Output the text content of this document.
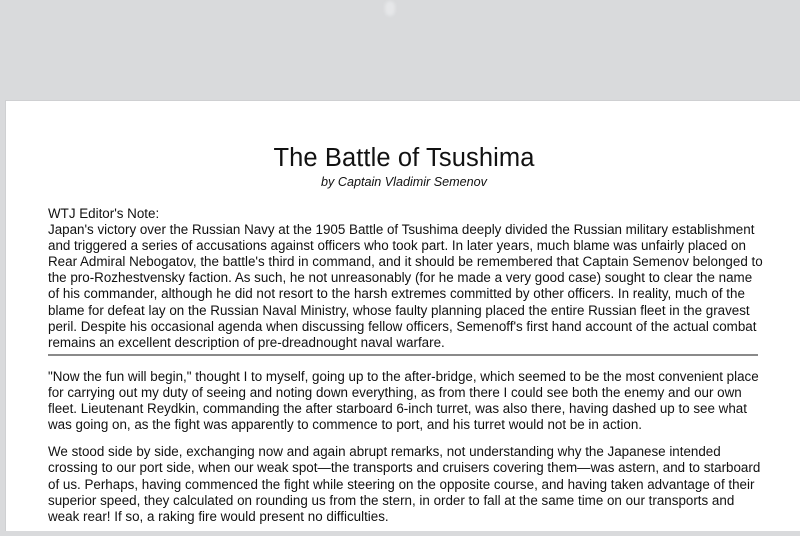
The Battle of Tsushima
by Captain Vladimir Semenov

WTJ Editor's Note:

Japan's victory over the Russian Navy at the 1905 Battle of Tsushima deeply divided the Russian military establishment and triggered a series of accusations against officers who took part. In later years, much blame was unfairly placed on Rear Admiral Nebogatov, the battle's third in command, and it should be remembered that Captain Semenov belonged to the pro-Rozhestvensky faction. As such, he not unreasonably (for he made a very good case) sought to clear the name of his commander, although he did not resort to the harsh extremes committed by other officers. In reality, much of the blame for defeat lay on the Russian Naval Ministry, whose faulty planning placed the entire Russian fleet in the gravest peril. Despite his occasional agenda when discussing fellow officers, Semenoff's first hand account of the actual combat remains an excellent description of pre-dreadnought naval warfare.

"Now the fun will begin," thought I to myself, going up to the after-bridge, which seemed to be the most convenient place for carrying out my duty of seeing and noting down everything, as from there I could see both the enemy and our own fleet. Lieutenant Reydkin, commanding the after starboard 6-inch turret, was also there, having dashed up to see what was going on, as the fight was apparently to commence to port, and his turret would not be in action.

We stood side by side, exchanging now and again abrupt remarks, not understanding why the Japanese intended crossing to our port side, when our weak spot—the transports and cruisers covering them—was astern, and to starboard of us. Perhaps, having commenced the fight while steering on the opposite course, and having taken advantage of their superior speed, they calculated on rounding us from the stern, in order to fall at the same time on our transports and weak rear! If so, a raking fire would present no difficulties.
